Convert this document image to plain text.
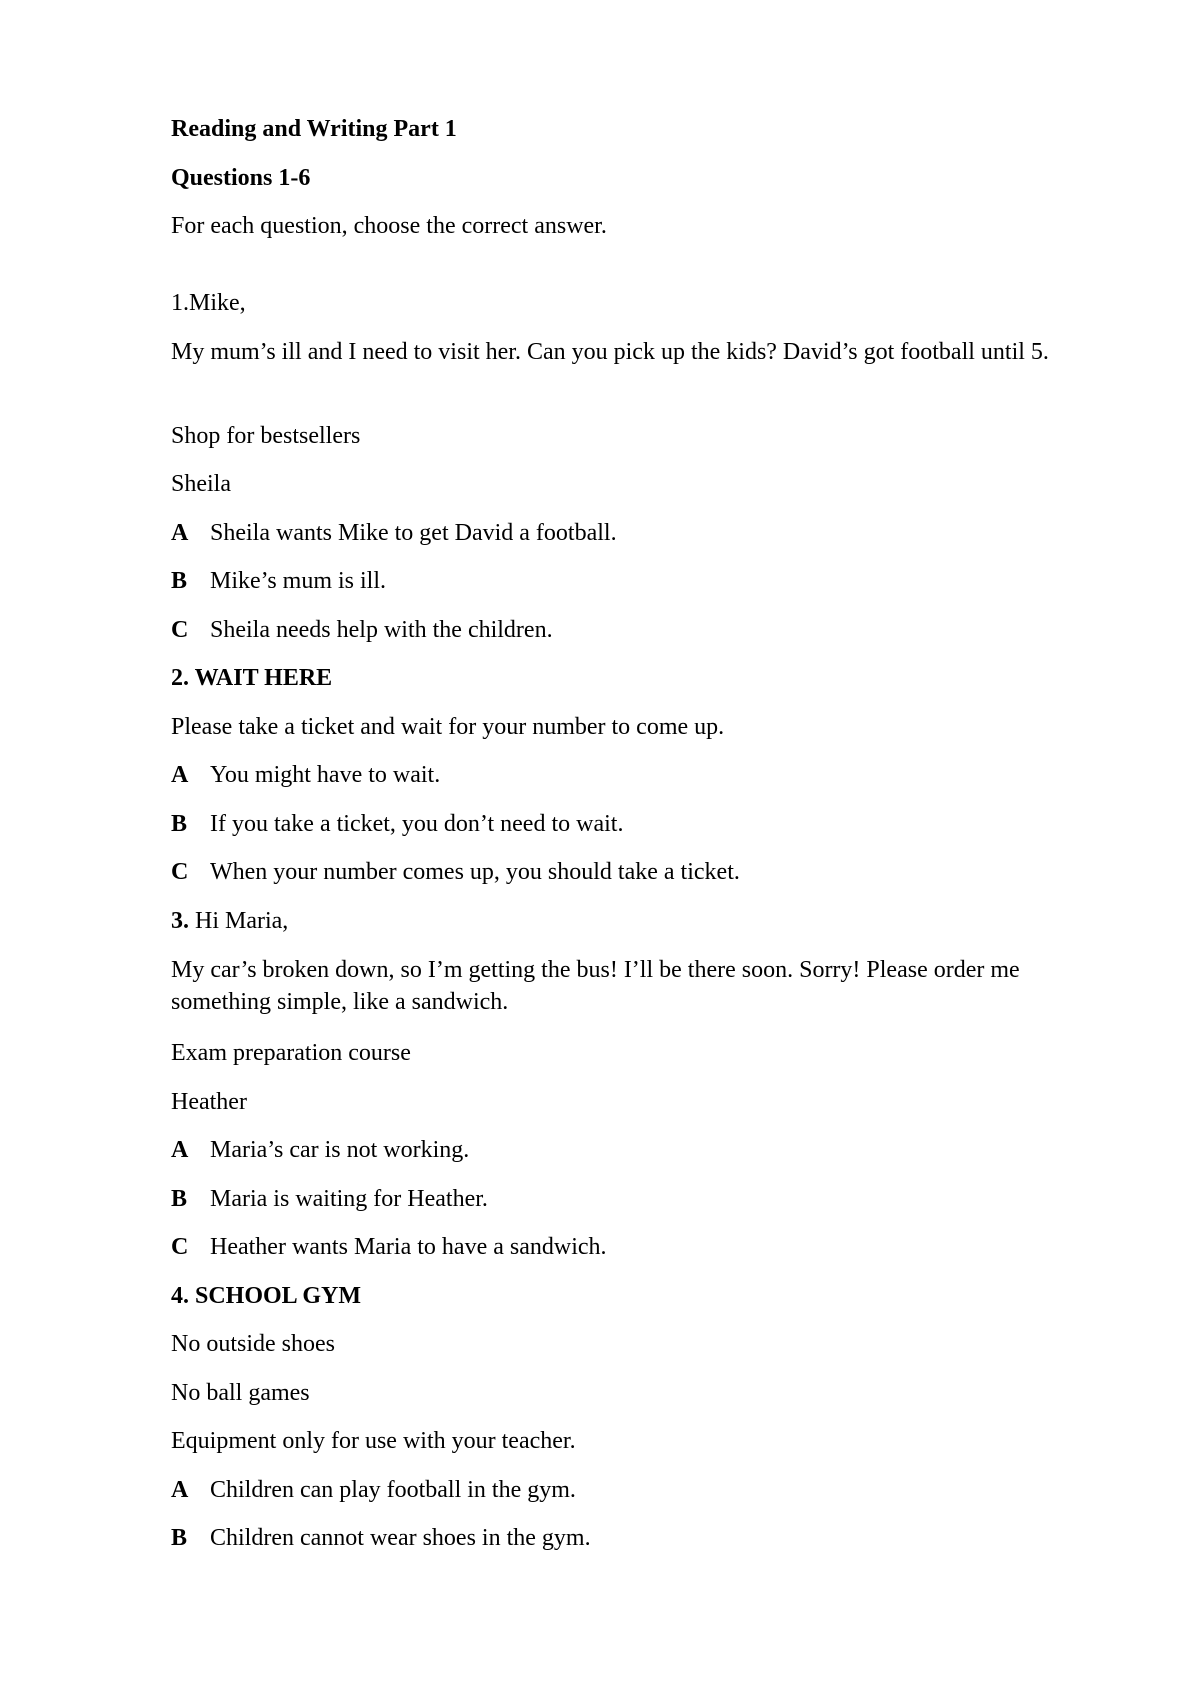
Reading and Writing Part 1
Questions 1-6
For each question, choose the correct answer.
1.Mike,
My mum’s ill and I need to visit her. Can you pick up the kids? David’s got football until 5.
Shop for bestsellers
Sheila
A Sheila wants Mike to get David a football.
B Mike’s mum is ill.
C Sheila needs help with the children.
2. WAIT HERE
Please take a ticket and wait for your number to come up.
A You might have to wait.
B If you take a ticket, you don’t need to wait.
C When your number comes up, you should take a ticket.
3. Hi Maria,
My car’s broken down, so I’m getting the bus! I’ll be there soon. Sorry! Please order me something simple, like a sandwich.
Exam preparation course
Heather
A Maria’s car is not working.
B Maria is waiting for Heather.
C Heather wants Maria to have a sandwich.
4. SCHOOL GYM
No outside shoes
No ball games
Equipment only for use with your teacher.
A Children can play football in the gym.
B Children cannot wear shoes in the gym.
